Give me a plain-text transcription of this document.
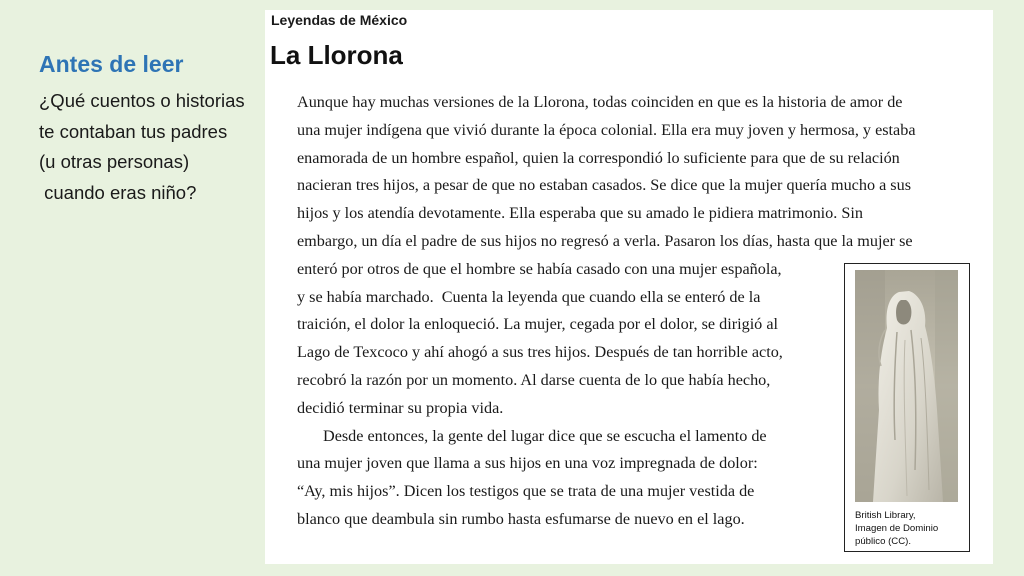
Antes de leer
¿Qué cuentos o historias
te contaban tus padres
(u otras personas)
cuando eras niño?
Leyendas de México
La Llorona
Aunque hay muchas versiones de la Llorona, todas coinciden en que es la historia de amor de
una mujer indígena que vivió durante la época colonial. Ella era muy joven y hermosa, y estaba
enamorada de un hombre español, quien la correspondió lo suficiente para que de su relación
nacieran tres hijos, a pesar de que no estaban casados. Se dice que la mujer quería mucho a sus
hijos y los atendía devotamente. Ella esperaba que su amado le pidiera matrimonio. Sin
embargo, un día el padre de sus hijos no regresó a verla. Pasaron los días, hasta que la mujer se
enteró por otros de que el hombre se había casado con una mujer española,
y se había marchado.  Cuenta la leyenda que cuando ella se enteró de la
traición, el dolor la enloqueció. La mujer, cegada por el dolor, se dirigió al
Lago de Texcoco y ahí ahogó a sus tres hijos. Después de tan horrible acto,
recobró la razón por un momento. Al darse cuenta de lo que había hecho,
decidió terminar su propia vida.
Desde entonces, la gente del lugar dice que se escucha el lamento de
una mujer joven que llama a sus hijos en una voz impregnada de dolor:
“Ay, mis hijos”. Dicen los testigos que se trata de una mujer vestida de
blanco que deambula sin rumbo hasta esfumarse de nuevo en el lago.	British Library,
Imagen de Dominio
público (CC).
